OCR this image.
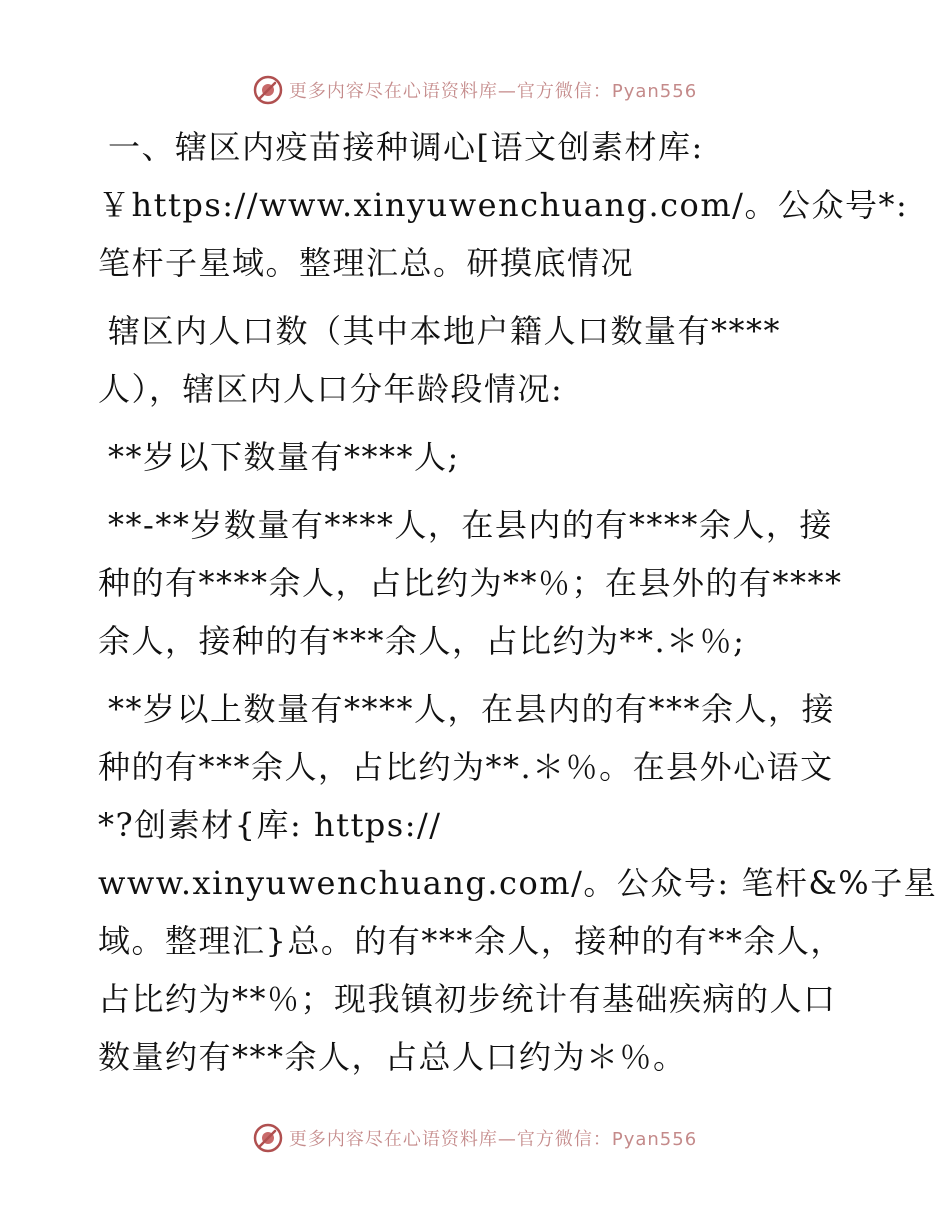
更多内容尽在心语资料库—官方微信：Pyan556
一、辖区内疫苗接种调心[语文创素材库:
￥https://www.xinyuwenchuang.com/。公众号*:
笔杆子星域。整理汇总。研摸底情况
辖区内人口数（其中本地户籍人口数量有****
人），辖区内人口分年龄段情况:
**岁以下数量有****人;
**-**岁数量有****人，在县内的有****余人，接
种的有****余人，占比约为**％；在县外的有****
余人，接种的有***余人，占比约为**.＊％;
**岁以上数量有****人，在县内的有***余人，接
种的有***余人，占比约为**.＊％。在县外心语文
*?创素材{库: https://
www.xinyuwenchuang.com/。公众号: 笔杆&%子星
域。整理汇}总。的有***余人，接种的有**余人，
占比约为**％；现我镇初步统计有基础疾病的人口
数量约有***余人，占总人口约为＊％。
更多内容尽在心语资料库—官方微信：Pyan556
